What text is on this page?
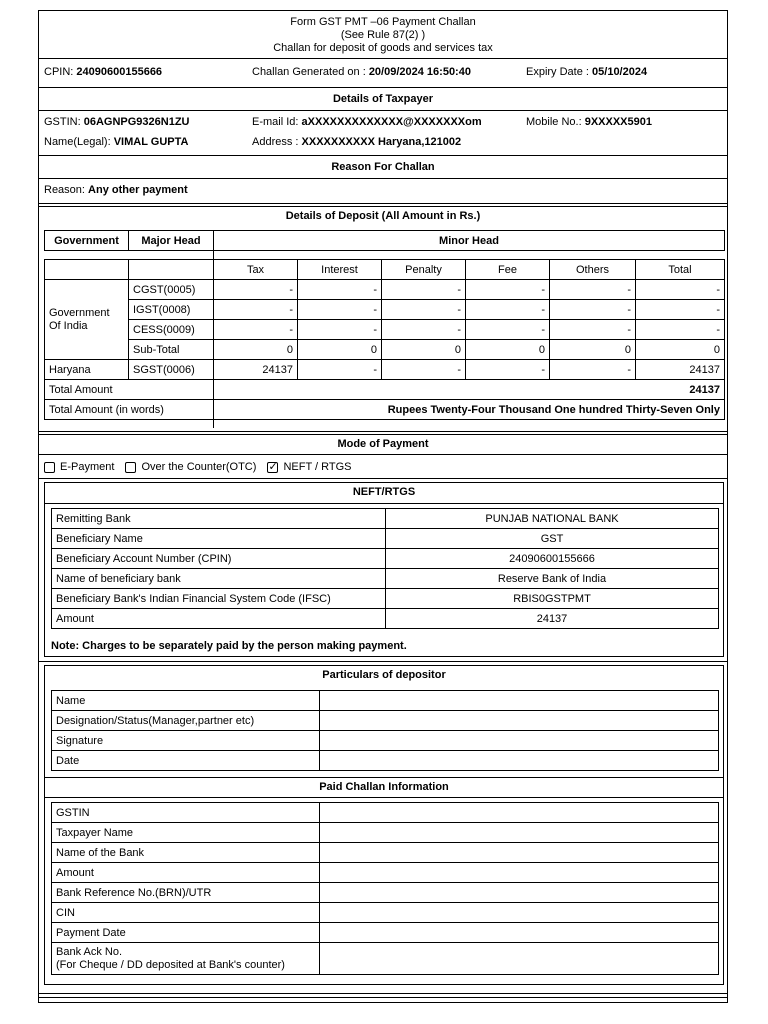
Form GST PMT –06 Payment Challan
(See Rule 87(2) )
Challan for deposit of goods and services tax
CPIN: 24090600155666	Challan Generated on : 20/09/2024 16:50:40	Expiry Date : 05/10/2024
Details of Taxpayer
GSTIN: 06AGNPG9326N1ZU	E-mail Id: aXXXXXXXXXXXXX@XXXXXXXom	Mobile No.: 9XXXXX5901
Name(Legal): VIMAL GUPTA	Address : XXXXXXXXXX Haryana,121002
Reason For Challan
Reason: Any other payment
Details of Deposit (All Amount in Rs.)
Government	Major Head	Minor Head
		Tax	Interest	Penalty	Fee	Others	Total
Government
Of India	CGST(0005)	-	-	-	-	-	-
	IGST(0008)	-	-	-	-	-	-
	CESS(0009)	-	-	-	-	-	-
	Sub-Total	0	0	0	0	0	0
Haryana	SGST(0006)	24137	-	-	-	-	24137
Total Amount		24137					
Total Amount (in words)		Rupees Twenty-Four Thousand One hundred Thirty-Seven Only					
Mode of Payment
E-Payment Over the Counter(OTC) ✓ NEFT / RTGS
NEFT/RTGS
Remitting Bank	PUNJAB NATIONAL BANK
Beneficiary Name	GST
Beneficiary Account Number (CPIN)	24090600155666
Name of beneficiary bank	Reserve Bank of India
Beneficiary Bank's Indian Financial System Code (IFSC)	RBIS0GSTPMT
Amount	24137
Note: Charges to be separately paid by the person making payment.
Particulars of depositor
Name	
Designation/Status(Manager,partner etc)	
Signature	
Date	
Paid Challan Information
GSTIN	
Taxpayer Name	
Name of the Bank	
Amount	
Bank Reference No.(BRN)/UTR	
CIN	
Payment Date	

Bank Ack No.
(For Cheque / DD deposited at Bank's counter)	
